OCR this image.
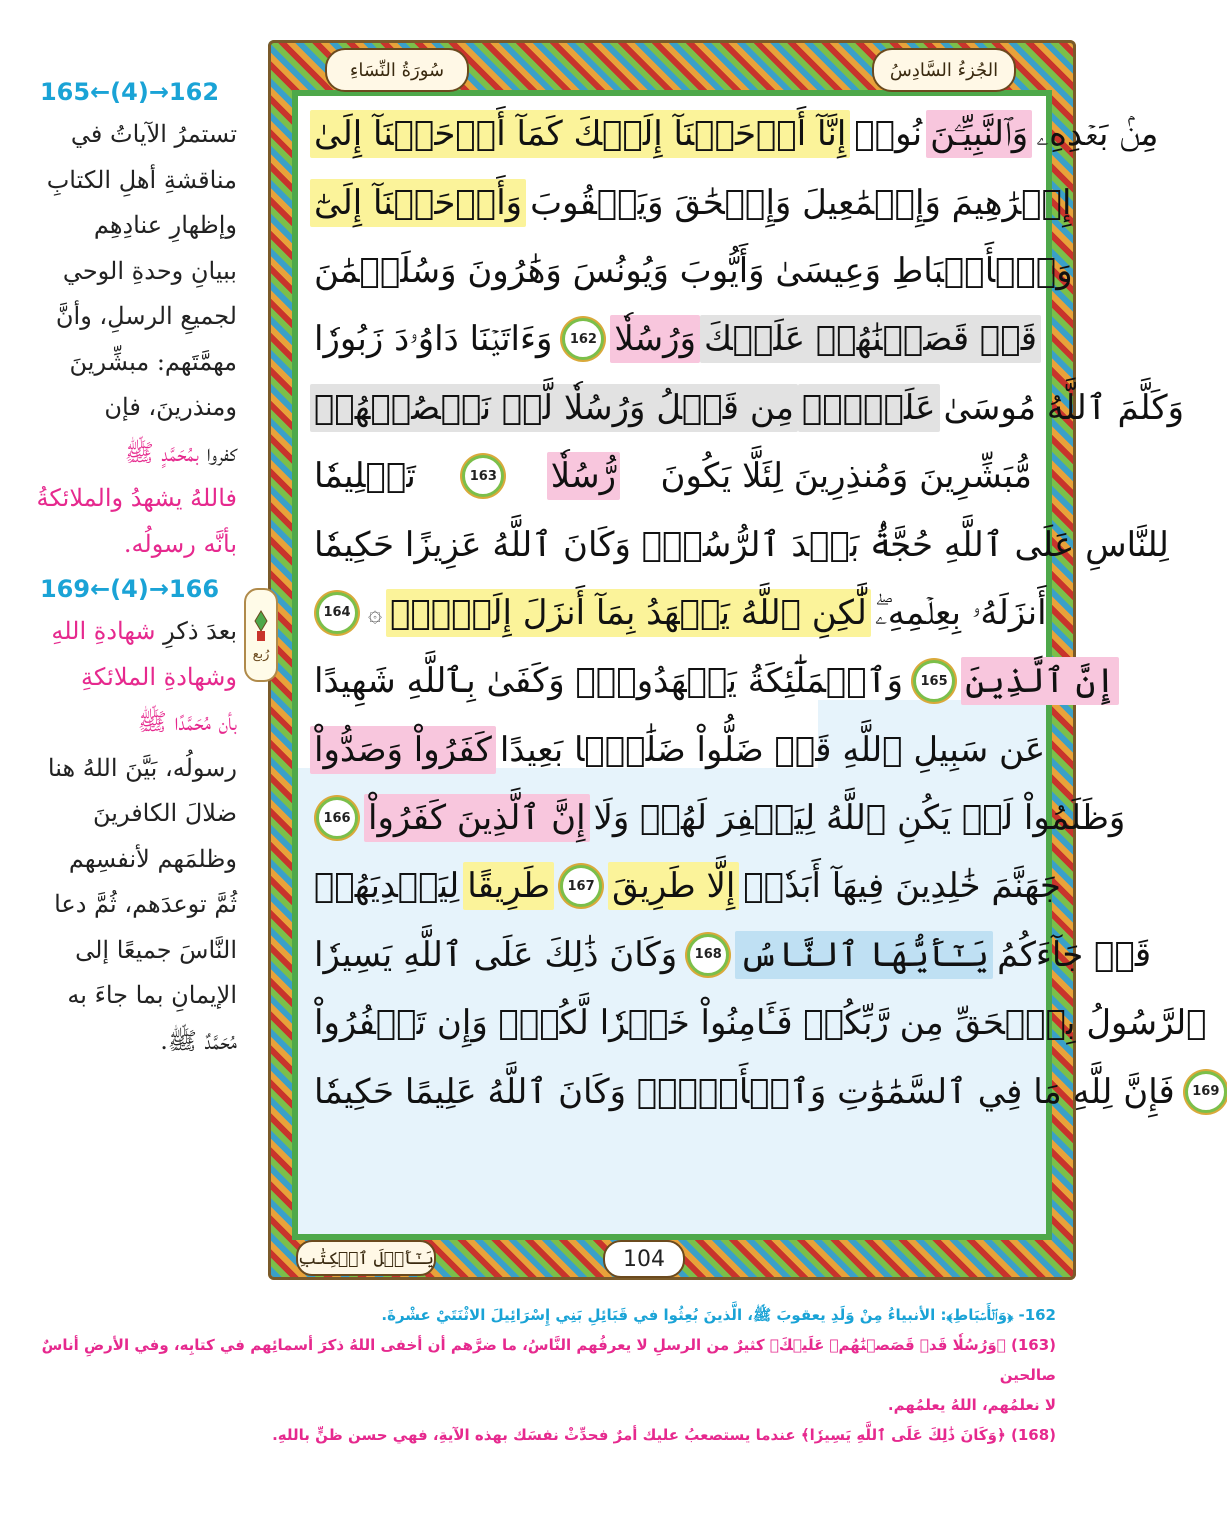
165←(4)→162
تستمرُ الآياتُ في
مناقشةِ أهلِ الكتابِ
وإظهارِ عنادِهِم
ببيانِ وحدةِ الوحي
لجميعِ الرسلِ، وأنَّ
مهمَّتَهم: مبشِّرينَ
ومنذرينَ، فإن
كفروا بمُحَمَّدٍ ﷺ
فاللهُ يشهدُ والملائكةُ
بأنَّه رسولُه.
169←(4)→166
بعدَ ذكرِ شهادةِ اللهِ
وشهادةِ الملائكةِ
بأن مُحَمَّدًا ﷺ
رسولُه، بَيَّنَ اللهُ هنا
ضلالَ الكافرينَ
وظلمَهم لأنفسِهم
ثُمَّ توعدَهم، ثُمَّ دعا
النَّاسَ جميعًا إلى
الإيمانِ بما جاءَ به
مُحَمَّدٌ ﷺ.
رُبع
الجُزءُ السَّادِسُ
سُورَةُ النِّسَاءِ
إِنَّآ أَوۡحَيۡنَآ إِلَيۡكَ كَمَآ أَوۡحَيۡنَآ إِلَىٰ نُوحٖ وَٱلنَّبِيِّـۧنَ مِنۢ بَعۡدِهِۦ
وَأَوۡحَيۡنَآ إِلَىٰٓ إِبۡرَٰهِيمَ وَإِسۡمَٰعِيلَ وَإِسۡحَٰقَ وَيَعۡقُوبَ
وَٱلۡأَسۡبَاطِ وَعِيسَىٰ وَأَيُّوبَ وَيُونُسَ وَهَٰرُونَ وَسُلَيۡمَٰنَ
وَءَاتَيۡنَا دَاوُۥدَ زَبُورٗا	162 وَرُسُلٗا قَدۡ قَصَصۡنَٰهُمۡ عَلَيۡكَ
مِن قَبۡلُ وَرُسُلٗا لَّمۡ نَقۡصُصۡهُمۡ عَلَيۡكَۚ وَكَلَّمَ ٱللَّهُ مُوسَىٰ
تَكۡلِيمٗا	163 رُّسُلٗا مُّبَشِّرِينَ وَمُنذِرِينَ لِئَلَّا يَكُونَ
لِلنَّاسِ عَلَى ٱللَّهِ حُجَّةُۢ بَعۡدَ ٱلرُّسُلِۚ وَكَانَ ٱللَّهُ عَزِيزًا حَكِيمٗا
164 ۞ لَّٰكِنِ ٱللَّهُ يَشۡهَدُ بِمَآ أَنزَلَ إِلَيۡكَۖ أَنزَلَهُۥ بِعِلۡمِهِۦۖ
وَٱلۡمَلَٰٓئِكَةُ يَشۡهَدُونَۚ وَكَفَىٰ بِٱللَّهِ شَهِيدًا	165 إِنَّ ٱلَّذِينَ
كَفَرُواْ وَصَدُّواْ عَن سَبِيلِ ٱللَّهِ قَدۡ ضَلُّواْ ضَلَٰلَۢا بَعِيدًا
166 إِنَّ ٱلَّذِينَ كَفَرُواْ وَظَلَمُواْ لَمۡ يَكُنِ ٱللَّهُ لِيَغۡفِرَ لَهُمۡ وَلَا
لِيَهۡدِيَهُمۡ طَرِيقًا	167 إِلَّا طَرِيقَ جَهَنَّمَ خَٰلِدِينَ فِيهَآ أَبَدٗاۚ
وَكَانَ ذَٰلِكَ عَلَى ٱللَّهِ يَسِيرٗا	168 يَـٰٓأَيُّهَا ٱلنَّاسُ قَدۡ جَآءَكُمُ
ٱلرَّسُولُ بِٱلۡحَقِّ مِن رَّبِّكُمۡ فَـَٔامِنُواْ خَيۡرٗا لَّكُمۡۚ وَإِن تَكۡفُرُواْ
فَإِنَّ لِلَّهِ مَا فِي ٱلسَّمَٰوَٰتِ وَٱلۡأَرۡضِۚ وَكَانَ ٱللَّهُ عَلِيمًا حَكِيمٗا	169
يَـٰٓأَهۡلَ ٱلۡكِتَٰبِ	104
162- ﴿وَٱلۡأَسۡبَاطِ﴾: الأنبياءُ مِنْ وَلَدِ يعقوبَ ﷺ، الَّذينَ بُعِثُوا في قَبَائِلِ بَنِي إِسْرَائِيلَ الاثْنَتَيْ عشْرةَ.
(163) ﴿وَرُسُلٗا قَدۡ قَصَصۡنَٰهُمۡ عَلَيۡكَ﴾ كثيرٌ من الرسلِ لا يعرفُهم النَّاسُ، ما ضرَّهم أن أخفى اللهُ ذكرَ أسمائِهم في كتابِه، وفي الأرضِ أناسٌ صالحين
لا نعلمُهم، اللهُ يعلمُهم.
(168) ﴿وَكَانَ ذَٰلِكَ عَلَى ٱللَّهِ يَسِيرٗا﴾ عندما يستصعبُ عليك أمرٌ فحدِّثْ نفسَك بهذه الآيةِ، فهي حسن ظنٍّ باللهِ.
